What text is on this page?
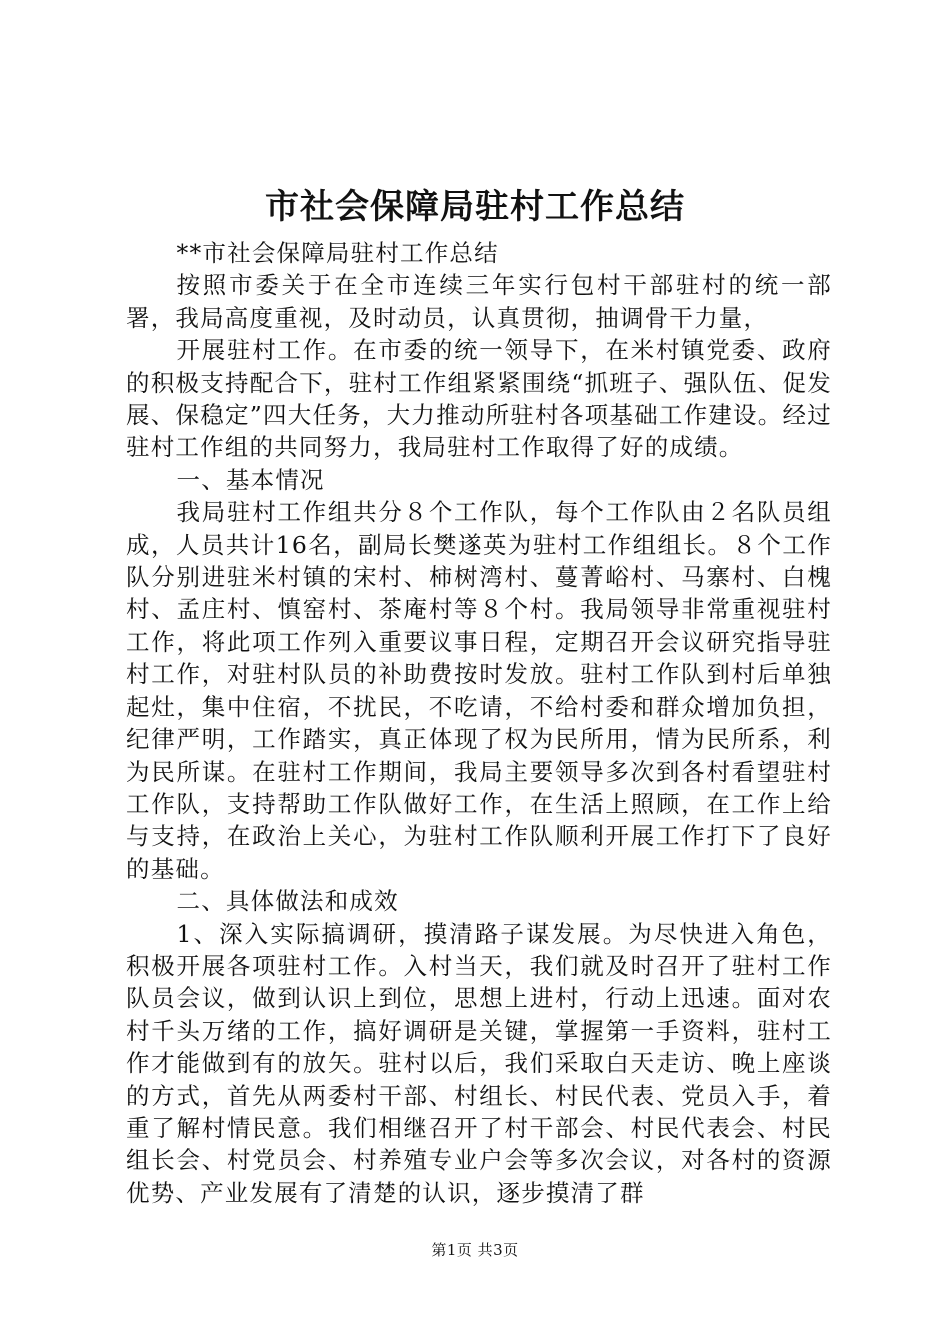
市社会保障局驻村工作总结

**市社会保障局驻村工作总结

按照市委关于在全市连续三年实行包村干部驻村的统一部署，我局高度重视，及时动员，认真贯彻，抽调骨干力量，

开展驻村工作。在市委的统一领导下，在米村镇党委、政府的积极支持配合下，驻村工作组紧紧围绕“抓班子、强队伍、促发展、保稳定”四大任务，大力推动所驻村各项基础工作建设。经过驻村工作组的共同努力，我局驻村工作取得了好的成绩。

一、基本情况

我局驻村工作组共分８个工作队，每个工作队由２名队员组成，人员共计16名，副局长樊遂英为驻村工作组组长。８个工作队分别进驻米村镇的宋村、柿树湾村、蔓菁峪村、马寨村、白槐村、孟庄村、慎窑村、茶庵村等８个村。我局领导非常重视驻村工作，将此项工作列入重要议事日程，定期召开会议研究指导驻村工作，对驻村队员的补助费按时发放。驻村工作队到村后单独起灶，集中住宿，不扰民，不吃请，不给村委和群众增加负担，纪律严明，工作踏实，真正体现了权为民所用，情为民所系，利为民所谋。在驻村工作期间，我局主要领导多次到各村看望驻村工作队，支持帮助工作队做好工作，在生活上照顾，在工作上给与支持，在政治上关心，为驻村工作队顺利开展工作打下了良好的基础。

二、具体做法和成效

1、深入实际搞调研，摸清路子谋发展。为尽快进入角色，积极开展各项驻村工作。入村当天，我们就及时召开了驻村工作队员会议，做到认识上到位，思想上进村，行动上迅速。面对农村千头万绪的工作，搞好调研是关键，掌握第一手资料，驻村工作才能做到有的放矢。驻村以后，我们采取白天走访、晚上座谈的方式，首先从两委村干部、村组长、村民代表、党员入手，着重了解村情民意。我们相继召开了村干部会、村民代表会、村民组长会、村党员会、村养殖专业户会等多次会议，对各村的资源优势、产业发展有了清楚的认识，逐步摸清了群

第1页 共3页
